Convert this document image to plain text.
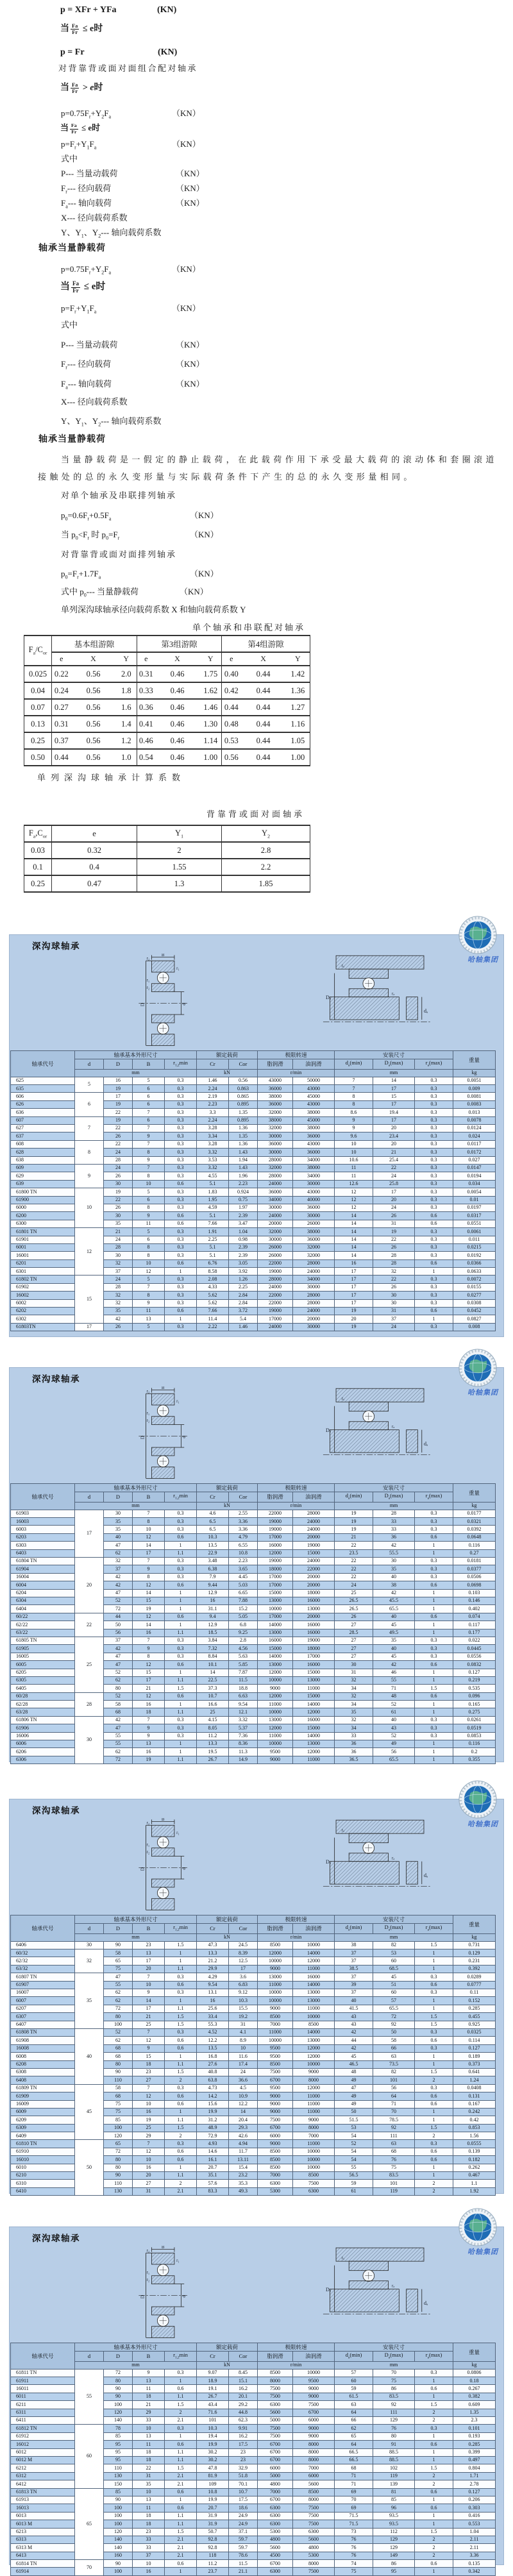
p = XFr + YFa	(KN)
当 $\frac{Fa}{Fr} \le e$时
p = Fr	(KN)
对背靠背或面对面组合配对轴承
当 $\frac{Fa}{Fr} > e$时
$p=0.75F_r+Y_2F_a$	（KN）
当 $\frac{Fa}{Fr} \le e$时
$p=F_r+Y_1F_a$	（KN）
式中
P--- 当量动载荷	（KN）
$F_r---$ 径向载荷	（KN）
$F_a---$ 轴向载荷	（KN）
X--- 径向载荷系数
Y、$Y_1$、$Y_2---$ 轴向载荷系数
轴承当量静载荷
$p=0.75F_r+Y_2F_a$	（KN）
当 $\frac{Fa}{Fr} \le e$时
$p=F_r+Y_1F_a$	（KN）
式中
P--- 当量动载荷	（KN）
$F_r---$ 径向载荷	（KN）
$F_a---$ 轴向载荷	（KN）
X--- 径向载荷系数
Y、$Y_1$、$Y_2---$ 轴向载荷系数
轴承当量静载荷
当量静载荷是一假定的静止载荷，在此载荷作用下承受最大载荷的滚动体和套圈滚道
接触处的总的永久变形量与实际载荷条件下产生的总的永久变形量相同。
对单个轴承及串联排列轴承
$p_0=0.6F_r+0.5F_a$	（KN）
当 $p_0<F_r$ 时 $p_0=F_r$	（KN）
对背靠背或面对面排列轴承
$p_0=F_r+1.7F_a$	（KN）
式中 $p_0---$ 当量静载荷	（KN）
单列深沟球轴承径向载荷系数 X 和轴向载荷系数 Y
单个轴承和串联配对轴承
单列深沟球轴承计算系数
背靠背或面对面轴承
$F_a/C_{or}$	基本组游隙			第3组游隙			第4组游隙		
	e	X	Y	e	X	Y	e	X	Y
0.025	0.22	0.56	2.0	0.31	0.46	1.75	0.40	0.44	1.42
0.04	0.24	0.56	1.8	0.33	0.46	1.62	0.42	0.44	1.36
0.07	0.27	0.56	1.6	0.36	0.46	1.46	0.44	0.44	1.27
0.13	0.31	0.56	1.4	0.41	0.46	1.30	0.48	0.44	1.16
0.25	0.37	0.56	1.2	0.46	0.46	1.14	0.53	0.44	1.05
0.50	0.44	0.56	1.0	0.54	0.46	1.00	0.56	0.44	1.00
$F_a,C_{or}$	e	$Y_1$	$Y_2$
0.03	0.32	2	2.8
0.1	0.4	1.55	2.2
0.25	0.47	1.3	1.85
深沟球轴承
哈轴集团
B
r₂
r₁
r₁
r₂
D	d
rₐ
Dₐ
rₐ
dₐ
轴承代号	轴承基本外形尺寸				额定载荷		极限转速		安装尺寸			重量
	d	D	B	$r_{1,2}\min$	Cr	Cor	脂润滑	油润滑	$d_a(\min)$	$D_a(\max)$	$r_a(\max)$	
	mm				kN		r/min		mm			kg
625	5	16	5	0.3	1.46	0.56	43000	50000	7	14	0.3	0.0051
635		19	6	0.3	2.24	0.863	36000	43000	7	17	0.3	0.009
606	6	17	6	0.3	2.19	0.865	38000	45000	8	15	0.3	0.0081
626		19	6	0.3	2.23	0.895	36000	43000	8	17	0.3	0.0083
636		22	7	0.3	3.3	1.35	32000	38000	8.6	19.4	0.3	0.013
607	7	19	6	0.3	2.24	0.895	38000	45000	9	17	0.3	0.0078
627		22	7	0.3	3.28	1.36	32000	38000	9	20	0.3	0.0124
637		26	9	0.3	3.34	1.35	30000	36000	9.6	23.4	0.3	0.024
608	8	22	7	0.3	3.28	1.36	36000	43000	10	20	0.3	0.0117
628		24	8	0.3	3.32	1.43	30000	36000	10	21	0.3	0.0172
638		28	9	0.3	3.53	1.94	28000	34000	10.6	25.4	0.3	0.027
609	9	24	7	0.3	3.32	1.43	32000	38000	11	22	0.3	0.0147
629		26	8	0.3	4.55	1.96	28000	34000	11	24	0.3	0.0194
639		30	10	0.6	5.1	2.23	24000	30000	12.6	25.8	0.3	0.034
61800 TN	10	19	5	0.3	1.83	0.924	36000	43000	12	17	0.3	0.0054
61900		22	6	0.3	1.95	0.75	34000	40000	12	20	0.3	0.01
6000		26	8	0.3	4.59	1.97	30000	36000	12	24	0.3	0.0197
6200		30	9	0.6	5.1	2.39	24000	30000	14	26	0.6	0.0317
6300		35	11	0.6	7.66	3.47	20000	26000	14	31	0.6	0.0551
61801 TN	12	21	5	0.3	1.91	1.04	32000	38000	14	19	0.3	0.0061
61901		24	6	0.3	2.25	0.98	30000	36000	14	22	0.3	0.011
6001		28	8	0.3	5.1	2.39	26000	32000	14	26	0.3	0.0215
16001		30	8	0.3	5.1	2.39	26000	32000	14	28	0.3	0.0192
6201		32	10	0.6	6.76	3.05	22000	28000	16	28	0.6	0.0366
6301		37	12	1	8.58	3.92	19000	24000	17	32	1	0.0633
61802 TN	15	24	5	0.3	2.08	1.26	28000	34000	17	22	0.3	0.0072
61902		28	7	0.3	4.33	2.25	24000	30000	17	26	0.3	0.0155
16002		32	8	0.3	5.62	2.84	22000	28000	17	30	0.3	0.0277
6002		32	9	0.3	5.62	2.84	22000	28000	17	30	0.3	0.0308
6202		35	11	0.6	7.66	3.72	19000	24000	19	31	0.6	0.0452
6302		42	13	1	11.4	5.4	17000	20000	20	37	1	0.0827
61803TN	17	26	5	0.3	2.22	1.46	24000	30000	19	24	0.3	0.008
深沟球轴承
哈轴集团
B
r₂
r₁
r₁
r₂
D	d
rₐ
Dₐ
rₐ
dₐ
轴承代号	轴承基本外形尺寸				额定载荷		极限转速		安装尺寸			重量
	d	D	B	$r_{1,2}\min$	Cr	Cor	脂润滑	油润滑	$d_a(\min)$	$D_a(\max)$	$r_a(\max)$	
	mm				kN		r/min		mm			kg
61903	17	30	7	0.3	4.6	2.55	22000	28000	19	28	0.3	0.0177
16003		35	8	0.3	6.5	3.36	19000	24000	19	33	0.3	0.0321
6003		35	10	0.3	6.5	3.36	19000	24000	19	33	0.3	0.0392
6203		40	12	0.6	10.3	4.79	17000	20000	21	36	0.6	0.0648
6303		47	14	1	13.5	6.55	16000	19000	22	42	1	0.116
6403		62	17	1.1	22.9	10.8	12000	15000	23.5	55.5	1	0.27
61804 TN	20	32	7	0.3	3.48	2.23	19000	24000	22	30	0.3	0.0181
61904		37	9	0.3	6.38	3.65	18000	22000	22	35	0.3	0.0377
16004		42	8	0.3	7.9	4.45	17000	20000	22	40	0.3	0.0506
6004		42	12	0.6	9.44	5.03	17000	20000	24	38	0.6	0.0698
6204		47	14	1	12.9	6.65	15000	18000	25	42	1	0.103
6304		52	15	1	16	7.88	13000	16000	26.5	45.5	1	0.146
6404		72	19	1	31.1	15.2	10000	13000	26.5	65.5	1	0.402
60/22	22	44	12	0.6	9.4	5.05	17000	20000	26	40	0.6	0.074
62/22		50	14	1	12.9	6.8	14000	16000	27	45	1	0.117
63/22		56	16	1.1	18.5	9.25	13000	16000	28.5	49.5	1	0.177
61805 TN	25	37	7	0.3	3.84	2.8	16000	19000	27	35	0.3	0.022
61905		42	9	0.3	7.32	4.56	15000	18000	27	40	0.3	0.0445
16005		47	8	0.3	8.84	5.63	14000	17000	27	45	0.3	0.0556
6005		47	12	0.6	10.1	5.85	13000	16000	30	42	0.6	0.0832
6205		52	15	1	14	7.87	12000	15000	31	46	1	0.127
6305		62	17	1.1	22.5	11.5	10000	13000	32	55	1	0.219
6405		80	21	1.5	37.3	18.8	9000	11000	34	71	1.5	0.535
60/28	28	52	12	0.6	10.7	6.63	12000	15000	32	48	0.6	0.096
62/28		58	16	1	16.6	9.54	11000	14000	34	52	1	0.165
63/28		68	18	1.1	25	12.1	10000	12000	35	61	1	0.275
61806 TN	30	42	7	0.3	4.15	3.32	13000	16000	32	40	0.3	0.0261
61906		47	9	0.3	8.05	5.37	12000	15000	34	43	0.3	0.0519
16006		55	9	0.3	11.2	7.36	11000	14000	33	52	0.3	0.0853
6006		55	13	1	13.3	8.36	10000	13000	36	49	1	0.116
6206		62	16	1	19.5	11.3	9500	12000	36	56	1	0.2
6306		72	19	1.1	26.7	14.9	9000	11000	36.5	65.5	1	0.355
深沟球轴承
哈轴集团
B
r₂
r₁
r₁
r₂
D	d
rₐ
Dₐ
rₐ
dₐ
轴承代号	轴承基本外形尺寸				额定载荷		极限转速		安装尺寸			重量
	d	D	B	$r_{1,2}\min$	Cr	Cor	脂润滑	油润滑	$d_a(\min)$	$D_a(\max)$	$r_a(\max)$	
	mm				kN		r/min		mm			kg
6406	30	90	23	1.5	47.3	24.5	8500	10000	38	82	1.5	0.731
60/32	32	58	13	1	13.3	8.39	12000	14000	37	53	1	0.129
62/32		65	17	1	21.2	12.5	10000	12000	37	60	1	0.231
63/32		75	20	1.1	29.9	17	9000	11000	38.5	68.5	1	0.392
61807 TN	35	47	7	0.3	4.29	3.6	13000	16000	37	45	0.3	0.0289
61907		55	10	0.6	9.54	6.83	11000	14000	39	51	0.6	0.0777
16007		62	9	0.3	13.1	9.12	10000	13000	37	60	0.3	0.11
6007		62	14	1	16	10.3	10000	13000	40	57	1	0.152
6207		72	17	1.1	25.6	15.5	9000	11000	41.5	65.5	1	0.285
6307		80	21	1.5	33.4	19.2	8500	10000	43	72	1.5	0.455
6407		100	25	1.5	55.3	31	7000	8500	43	92	1.5	0.925
61808 TN	40	52	7	0.3	4.52	4.1	11000	14000	42	50	0.3	0.0325
61908		62	12	0.6	12.2	8.9	10000	13000	44	58	0.6	0.114
16008		68	9	0.6	13.5	10	9500	12000	42	66	0.3	0.127
6008		68	15	1	16.8	11.6	9500	12000	45	63	1	0.189
6208		80	18	1.1	27.6	17.4	8500	10000	46.5	73.5	1	0.373
6308		90	23	1.5	40.8	24	7500	9000	48	82	1.5	0.641
6408		110	27	2	63.8	36.6	6700	8000	49	101	2	1.24
61809 TN	45	58	7	0.3	4.73	4.5	9500	12000	47	56	0.3	0.0408
61909		68	12	0.6	14.2	10.9	9000	11000	49	64	0.6	0.131
16009		75	10	0.6	15.6	12.2	9000	11000	49	71	0.6	0.167
6009		75	16	1	19.9	14	9000	11000	50	70	1	0.242
6209		85	19	1.1	31.2	20.4	7500	9000	51.5	78.5	1	0.42
6309		100	25	1.5	48.9	29.3	6700	8000	53	92	1.5	0.853
6409		120	29	2	72.9	42.6	6000	7000	54	111	2	1.56
61810 TN	50	65	7	0.3	4.93	4.94	9000	11000	52	63	0.3	0.0555
61910		72	12	0.6	14.6	11.7	8500	10000	54	68	0.6	0.139
16010		80	10	0.6	16.1	13.11	8500	10000	54	76	0.6	0.182
6010		80	16	1	20.7	15.4	8500	10000	55	75	1	0.262
6210		90	20	1.1	35.1	23.2	7000	8500	56.5	83.5	1	0.467
6310		110	27	2	57.6	35.3	6300	7500	59	101	2	1.1
6410		130	31	2.1	83.3	49.3	5300	6300	61	119	2	1.92
深沟球轴承
哈轴集团
B
r₂
r₁
r₁
r₂
D	d
rₐ
Dₐ
rₐ
dₐ
轴承代号	轴承基本外形尺寸				额定载荷		极限转速		安装尺寸			重量
	d	D	B	$r_{1,2}\min$	Cr	Cor	脂润滑	油润滑	$d_a(\min)$	$D_a(\max)$	$r_a(\max)$	
	mm				kN		r/min		mm			kg
61811 TN	55	72	9	0.3	9.07	8.45	8500	10000	57	70	0.3	0.0806
61911		80	13	1	18.9	15.1	8000	9500	60	75	1	0.18
16011		90	11	0.6	19.1	16.2	7500	9000	59	86	0.6	0.267
6011		90	18	1.1	26.7	20.1	7500	9000	61.5	83.5	1	0.382
6211		100	21	1.5	43.4	29.2	6300	7500	63	92	1.5	0.609
6311		120	29	2	71.6	44.8	5600	6700	64	111	2	1.35
6411		140	33	2.1	101	62.3	5000	6000	66	129	2	2.3
61812 TN	60	78	10	0.3	10.3	9.91	7500	9000	62	76	0.3	0.101
61912		85	13	1	19.4	16.2	7500	9000	65	80	1	0.193
16012		95	11	0.6	19.9	17.5	6700	8000	64	91	0.6	0.285
6012		95	18	1.1	30.2	23	6700	8000	66.5	88.5	1	0.399
6012 M		95	18	1.1	30.2	23	6700	8000	66.5	88.5	1	0.497
6212		110	22	1.5	47.8	32.9	6000	7000	68	102	1.5	0.804
6312		130	31	2.1	81.9	51.8	5000	6000	71	119	2	1.71
6412		150	35	2.1	109	70.1	4800	5600	71	139	2	2.78
61813 TN	65	85	10	0.6	10.8	10.7	7000	8500	69	81	0.6	0.127
61913		90	13	1	19.9	17.5	6700	8000	70	85	1	0.206
16013		100	11	0.6	20.7	18.6	6300	7500	69	96	0.6	0.303
6013		100	18	1.1	31.9	24.9	6300	7500	71.5	93.5	1	0.416
6013 M		100	18	1.1	31.9	24.9	6300	7500	71.5	93.5	1	0.553
6213		120	23	1.5	50.7	37.1	5300	6300	73	112	1.5	1.04
6313		140	33	2.1	92.8	59.7	4800	5600	76	129	2	2.11
6313 M		140	33	2.1	92.8	59.7	5600	4800	76	129	2	2.11
6413		160	37	2.1	118	78.6	4500	5300	76	149	2	3.36
61814 TN	70	90	10	0.6	11.2	11.5	6700	8000	74	86	0.6	0.135
61914		100	16	1	23.7	21.1	6300	7500	75	95	1	0.342
